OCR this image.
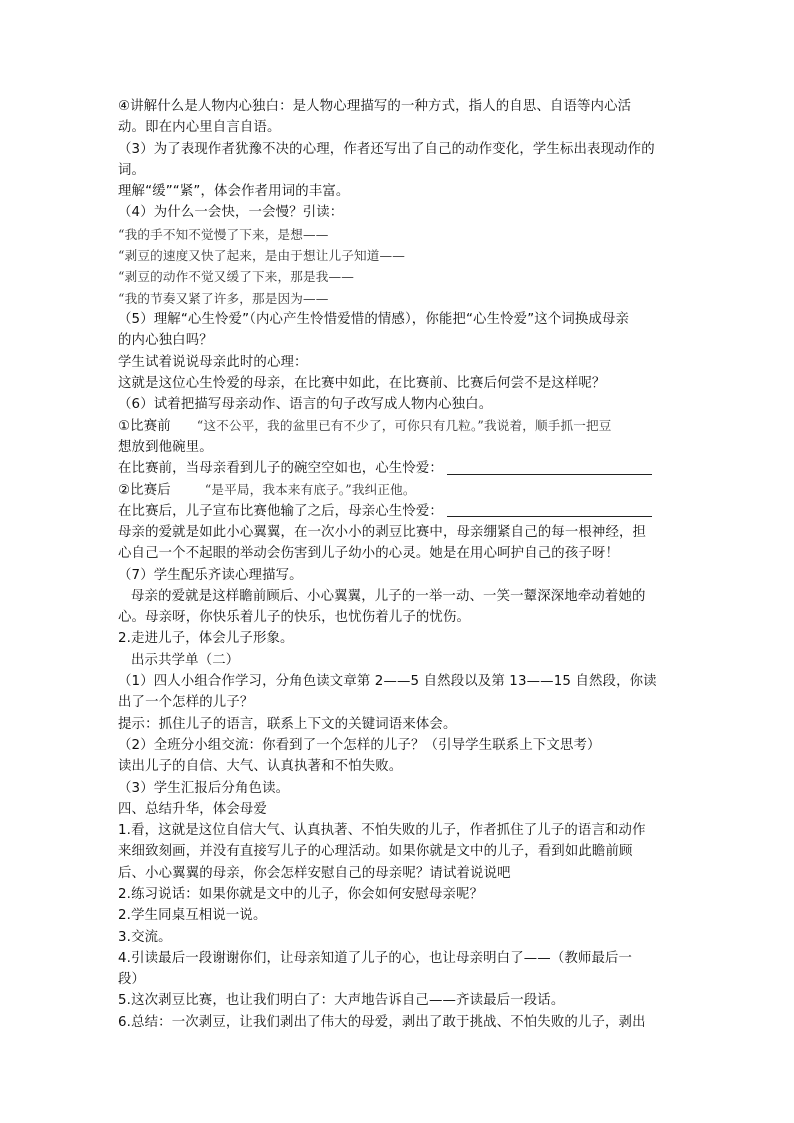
④讲解什么是人物内心独白：是人物心理描写的一种方式，指人的自思、自语等内心活
动。即在内心里自言自语。
（3）为了表现作者犹豫不决的心理，作者还写出了自己的动作变化，学生标出表现动作的
词。
理解“缓”“紧”，体会作者用词的丰富。
（4）为什么一会快，一会慢？引读：
“我的手不知不觉慢了下来，是想——
“剥豆的速度又快了起来，是由于想让儿子知道——
“剥豆的动作不觉又缓了下来，那是我——
“我的节奏又紧了许多，那是因为——
（5）理解“心生怜爱”（内心产生怜惜爱惜的情感），你能把“心生怜爱”这个词换成母亲
的内心独白吗？
学生试着说说母亲此时的心理：
这就是这位心生怜爱的母亲，在比赛中如此，在比赛前、比赛后何尝不是这样呢？
（6）试着把描写母亲动作、语言的句子改写成人物内心独白。
①比赛前 “这不公平，我的盆里已有不少了，可你只有几粒。”我说着，顺手抓一把豆
想放到他碗里。
在比赛前，当母亲看到儿子的碗空空如也，心生怜爱：
②比赛后	“是平局，我本来有底子。”我纠正他。
在比赛后，儿子宣布比赛他输了之后，母亲心生怜爱：
母亲的爱就是如此小心翼翼，在一次小小的剥豆比赛中，母亲绷紧自己的每一根神经，担
心自己一个不起眼的举动会伤害到儿子幼小的心灵。她是在用心呵护自己的孩子呀！
（7）学生配乐齐读心理描写。
母亲的爱就是这样瞻前顾后、小心翼翼，儿子的一举一动、一笑一颦深深地牵动着她的
心。母亲呀，你快乐着儿子的快乐，也忧伤着儿子的忧伤。
2.走进儿子，体会儿子形象。
出示共学单（二）
（1）四人小组合作学习，分角色读文章第 2——5 自然段以及第 13——15 自然段，你读
出了一个怎样的儿子？
提示：抓住儿子的语言，联系上下文的关键词语来体会。
（2）全班分小组交流：你看到了一个怎样的儿子？（引导学生联系上下文思考）
读出儿子的自信、大气、认真执著和不怕失败。
（3）学生汇报后分角色读。
四、总结升华，体会母爱
1.看，这就是这位自信大气、认真执著、不怕失败的儿子，作者抓住了儿子的语言和动作
来细致刻画，并没有直接写儿子的心理活动。如果你就是文中的儿子，看到如此瞻前顾
后、小心翼翼的母亲，你会怎样安慰自己的母亲呢？请试着说说吧
2.练习说话：如果你就是文中的儿子，你会如何安慰母亲呢？
2.学生同桌互相说一说。
3.交流。
4.引读最后一段谢谢你们，让母亲知道了儿子的心，也让母亲明白了——（教师最后一
段）
5.这次剥豆比赛，也让我们明白了：大声地告诉自己——齐读最后一段话。
6.总结：一次剥豆，让我们剥出了伟大的母爱，剥出了敢于挑战、不怕失败的儿子，剥出
